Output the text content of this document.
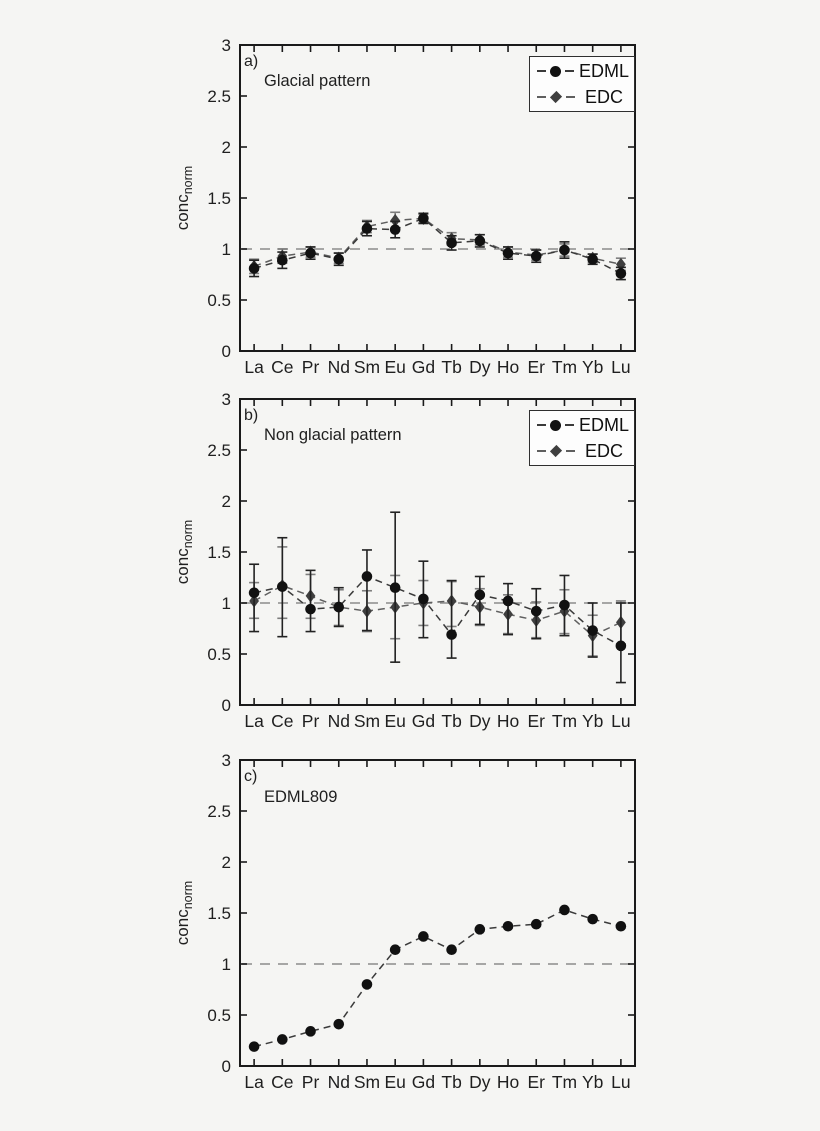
0
0.5
1
1.5
2
2.5
3
La Ce Pr Nd Sm Eu Gd Tb Dy Ho Er Tm Yb Lu
0
0.5
1
1.5
2
2.5
3
La Ce Pr Nd Sm Eu Gd Tb Dy Ho Er Tm Yb Lu
0
0.5
1
1.5
2
2.5
3
La Ce Pr Nd Sm Eu Gd Tb Dy Ho Er Tm Yb Lu
a)
Glacial pattern
conc$_{norm}$
EDML
EDC
b)
Non glacial pattern
conc$_{norm}$
EDML
EDC
c)
EDML809
conc$_{norm}$
